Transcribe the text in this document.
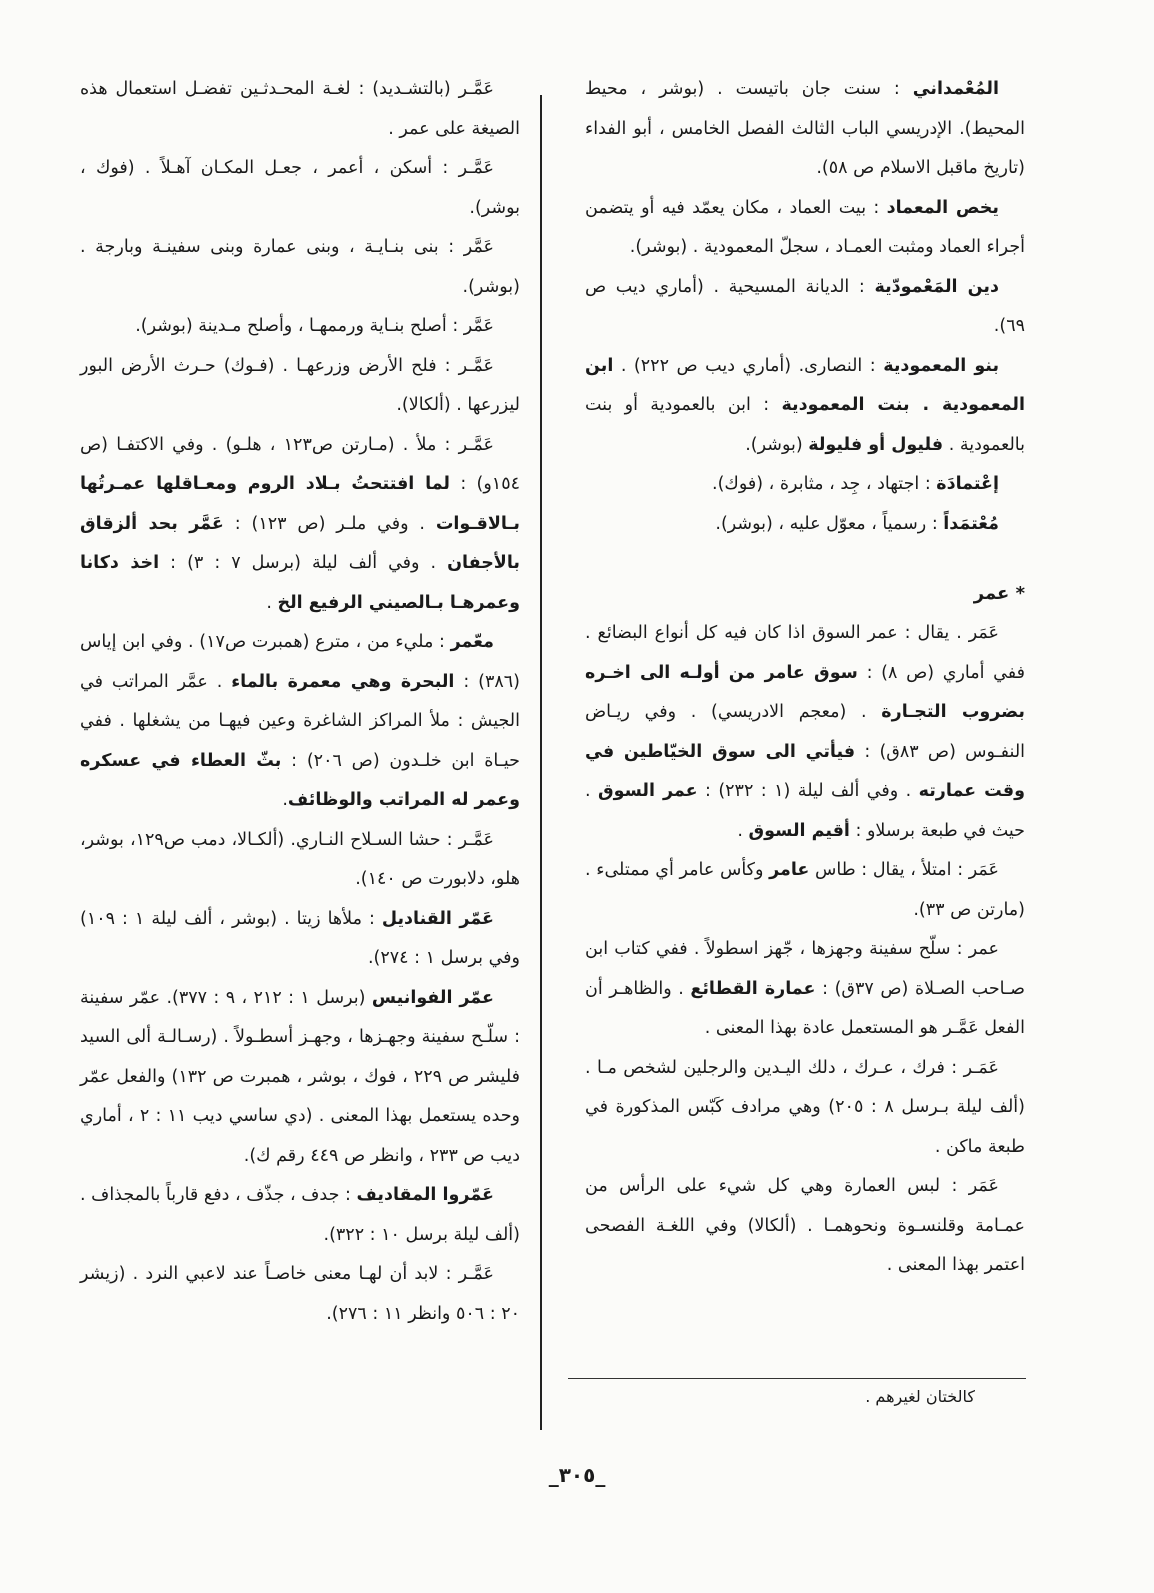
المُعْمداني : سنت جان باتيست . (بوشر ، محيط المحيط). الإدريسي الباب الثالث الفصل الخامس ، أبو الفداء (تاريخ ماقبل الاسلام ص ٥٨).

يخص المعماد : بيت العماد ، مكان يعمّد فيه أو يتضمن أجراء العماد ومثبت العمـاد ، سجلّ المعمودية . (بوشر).

دين المَعْمودّية : الديانة المسيحية . (أماري ديب ص ٦٩).

بنو المعمودية : النصارى. (أماري ديب ص ٢٢٢) . ابن المعمودية . بنت المعمودية : ابن بالعمودية أو بنت بالعمودية . فليول أو فليولة (بوشر).

إعْتمادَة : اجتهاد ، جِد ، مثابرة ، (فوك).

مُعْتمَداً : رسمياً ، معوّل عليه ، (بوشر).

* عمر

عَمَر . يقال : عمر السوق اذا كان فيه كل أنواع البضائع . ففي أماري (ص ٨) : سوق عامر من أولـه الى اخـره بضروب التجـارة . (معجم الادريسي) . وفي ريـاض النفـوس (ص ٨٣ق) : فيأتي الى سوق الخيّاطين في وقت عمارته . وفي ألف ليلة (١ : ٢٣٢) : عمر السوق . حيث في طبعة برسلاو : أقيم السوق .

عَمَر : امتلأ ، يقال : طاس عامر وكأس عامر أي ممتلىء . (مارتن ص ٣٣).

عمر : سلّح سفينة وجهزها ، جّهز اسطولاً . ففي كتاب ابن صـاحب الصـلاة (ص ٣٧ق) : عمارة القطائع . والظاهـر أن الفعل عَمَّـر هو المستعمل عادة بهذا المعنى .

عَمَـر : فرك ، عـرك ، دلك اليـدين والرجلين لشخص مـا . (ألف ليلة بـرسل ٨ : ٢٠٥) وهي مرادف كَبّس المذكورة في طبعة ماكن .

عَمَر : لبس العمارة وهي كل شيء على الرأس من عمـامة وقلنسـوة ونحوهمـا . (ألكالا) وفي اللغـة الفصحى اعتمر بهذا المعنى .

عَمَّـر (بالتشـديد) : لغـة المحـدثـين تفضـل استعمال هذه الصيغة على عمر .

عَمَّـر : أسكن ، أعمر ، جعـل المكـان آهـلاً . (فوك ، بوشر).

عَمَّر : بنى بنـايـة ، وبنى عمارة وبنى سفينـة وبارجة . (بوشر).

عَمَّر : أصلح بنـاية ورممهـا ، وأصلح مـدينة (بوشر).

عَمَّـر : فلح الأرض وزرعهـا . (فـوك) حـرث الأرض البور ليزرعها . (ألكالا).

عَمَّـر : ملأ . (مـارتن ص١٢٣ ، هلـو) . وفي الاكتفـا (ص ١٥٤و) : لما افتتحتُ بـلاد الروم ومعـاقلها عمـرتُها بـالاقـوات . وفي ملـر (ص ١٢٣) : عَمَّر بحد ألزقاق بالأجفان . وفي ألف ليلة (برسل ٧ : ٣) : اخذ دكانا وعمرهـا بـالصيني الرفيع الخ .

معّمر : مليء من ، مترع (همبرت ص١٧) . وفي ابن إياس (٣٨٦) : البحرة وهي معمرة بالماء . عمَّر المراتب في الجيش : ملأ المراكز الشاغرة وعين فيهـا من يشغلها . ففي حيـاة ابن خلـدون (ص ٢٠٦) : بثّ العطاء في عسكره وعمر له المراتب والوظائف.

عَمَّـر : حشا السـلاح النـاري. (ألكـالا، دمب ص١٢٩، بوشر، هلو، دلابورت ص ١٤٠).

عَمّر القناديل : ملأها زيتا . (بوشر ، ألف ليلة ١ : ١٠٩) وفي برسل ١ : ٢٧٤).

عمّر الفوانيس (برسل ١ : ٢١٢ ، ٩ : ٣٧٧). عمّر سفينة : سلّـح سفينة وجهـزها ، وجهـز أسطـولاً . (رسـالـة ألى السيد فليشر ص ٢٢٩ ، فوك ، بوشر ، همبرت ص ١٣٢) والفعل عمّر وحده يستعمل بهذا المعنى . (دي ساسي ديب ١١ : ٢ ، أماري ديب ص ٢٣٣ ، وانظر ص ٤٤٩ رقم ك).

عَمّروا المقاديف : جدف ، جذّف ، دفع قارباً بالمجذاف . (ألف ليلة برسل ١٠ : ٣٢٢).

عَمَّـر : لابد أن لهـا معنى خاصـاً عند لاعبي النرد . (زيشر ٢٠ : ٥٠٦ وانظر ١١ : ٢٧٦).

كالختان لغيرهم .
_٣٠٥_
